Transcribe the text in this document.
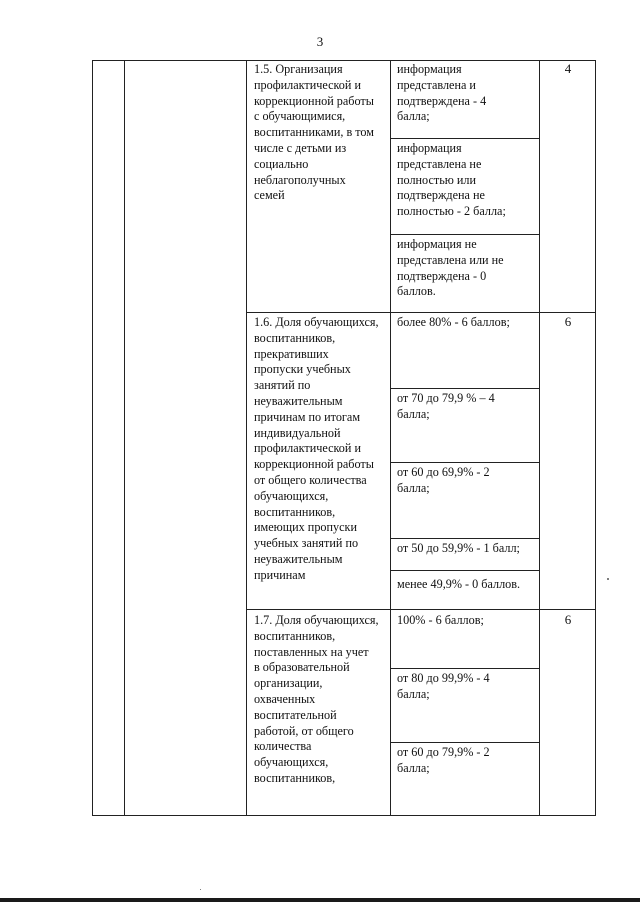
3
1.5. Организация
профилактической и
коррекционной работы
с обучающимися,
воспитанниками, в том
числе с детьми из
социально
неблагополучных
семей
информация
представлена и
подтверждена - 4
балла;
информация
представлена не
полностью или
подтверждена не
полностью - 2 балла;
информация не
представлена или не
подтверждена - 0
баллов.
4
1.6. Доля обучающихся,
воспитанников,
прекративших
пропуски учебных
занятий по
неуважительным
причинам по итогам
индивидуальной
профилактической и
коррекционной работы
от общего количества
обучающихся,
воспитанников,
имеющих пропуски
учебных занятий по
неуважительным
причинам
более 80% - 6 баллов;
от 70 до 79,9 % – 4
балла;
от 60 до 69,9% - 2
балла;
от 50 до 59,9% - 1 балл;
менее 49,9% - 0 баллов.
6
1.7. Доля обучающихся,
воспитанников,
поставленных на учет
в образовательной
организации,
охваченных
воспитательной
работой, от общего
количества
обучающихся,
воспитанников,
100% - 6 баллов;
от 80 до 99,9% - 4
балла;
от 60 до 79,9% - 2
балла;
6
